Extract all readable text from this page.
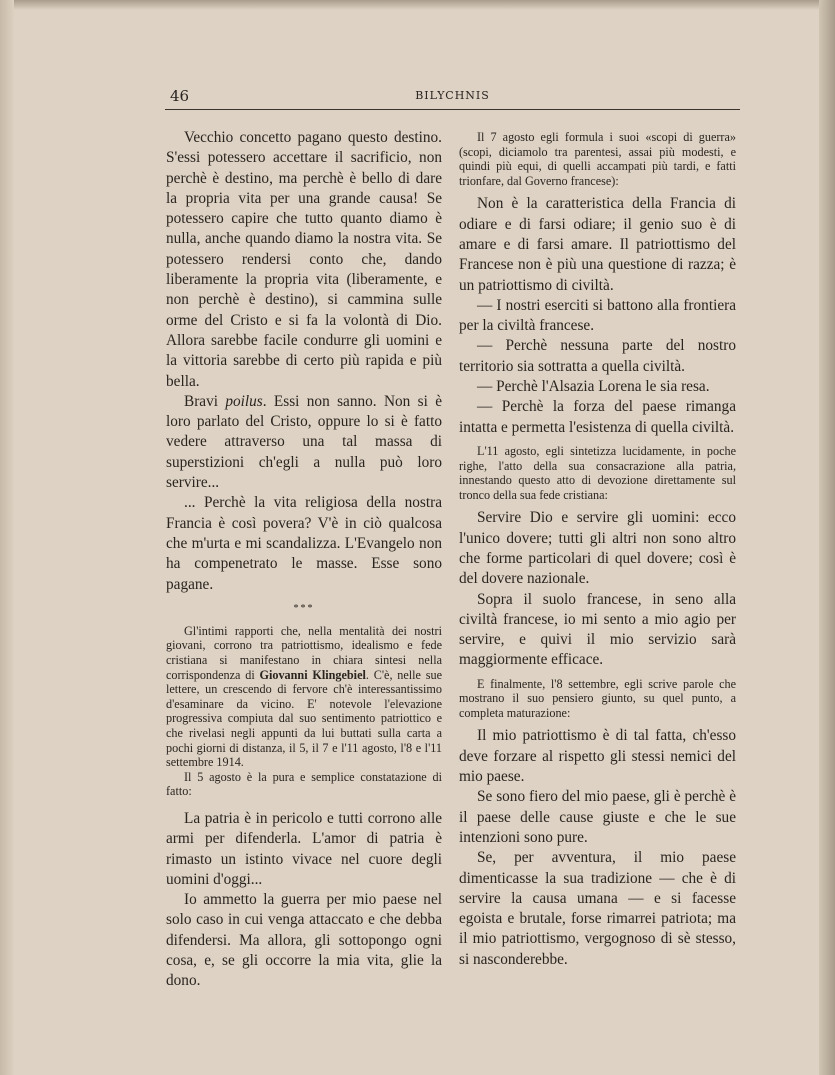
46	BILYCHNIS

Vecchio concetto pagano questo destino. S'essi potessero accettare il sacrificio, non perchè è destino, ma perchè è bello di dare la propria vita per una grande causa! Se potessero capire che tutto quanto diamo è nulla, anche quando diamo la nostra vita. Se potessero rendersi conto che, dando liberamente la propria vita (liberamente, e non perchè è destino), si cammina sulle orme del Cristo e si fa la volontà di Dio. Allora sarebbe facile condurre gli uomini e la vittoria sarebbe di certo più rapida e più bella.

Bravi poilus. Essi non sanno. Non si è loro parlato del Cristo, oppure lo si è fatto vedere attraverso una tal massa di superstizioni ch'egli a nulla può loro servire...

... Perchè la vita religiosa della nostra Francia è così povera? V'è in ciò qualcosa che m'urta e mi scandalizza. L'Evangelo non ha compenetrato le masse. Esse sono pagane.

***

Gl'intimi rapporti che, nella mentalità dei nostri giovani, corrono tra patriottismo, idealismo e fede cristiana si manifestano in chiara sintesi nella corrispondenza di Giovanni Klingebiel. C'è, nelle sue lettere, un crescendo di fervore ch'è interessantissimo d'esaminare da vicino. E' notevole l'elevazione progressiva compiuta dal suo sentimento patriottico e che rivelasi negli appunti da lui buttati sulla carta a pochi giorni di distanza, il 5, il 7 e l'11 agosto, l'8 e l'11 settembre 1914.

Il 5 agosto è la pura e semplice constatazione di fatto:

La patria è in pericolo e tutti corrono alle armi per difenderla. L'amor di patria è rimasto un istinto vivace nel cuore degli uomini d'oggi...

Io ammetto la guerra per mio paese nel solo caso in cui venga attaccato e che debba difendersi. Ma allora, gli sottopongo ogni cosa, e, se gli occorre la mia vita, glie la dono.

Il 7 agosto egli formula i suoi «scopi di guerra» (scopi, diciamolo tra parentesi, assai più modesti, e quindi più equi, di quelli accampati più tardi, e fatti trionfare, dal Governo francese):

Non è la caratteristica della Francia di odiare e di farsi odiare; il genio suo è di amare e di farsi amare. Il patriottismo del Francese non è più una questione di razza; è un patriottismo di civiltà.

— I nostri eserciti si battono alla frontiera per la civiltà francese.

— Perchè nessuna parte del nostro territorio sia sottratta a quella civiltà.

— Perchè l'Alsazia Lorena le sia resa.

— Perchè la forza del paese rimanga intatta e permetta l'esistenza di quella civiltà.

L'11 agosto, egli sintetizza lucidamente, in poche righe, l'atto della sua consacrazione alla patria, innestando questo atto di devozione direttamente sul tronco della sua fede cristiana:

Servire Dio e servire gli uomini: ecco l'unico dovere; tutti gli altri non sono altro che forme particolari di quel dovere; così è del dovere nazionale.

Sopra il suolo francese, in seno alla civiltà francese, io mi sento a mio agio per servire, e quivi il mio servizio sarà maggiormente efficace.

E finalmente, l'8 settembre, egli scrive parole che mostrano il suo pensiero giunto, su quel punto, a completa maturazione:

Il mio patriottismo è di tal fatta, ch'esso deve forzare al rispetto gli stessi nemici del mio paese.

Se sono fiero del mio paese, gli è perchè è il paese delle cause giuste e che le sue intenzioni sono pure.

Se, per avventura, il mio paese dimenticasse la sua tradizione — che è di servire la causa umana — e si facesse egoista e brutale, forse rimarrei patriota; ma il mio patriottismo, vergognoso di sè stesso, si nasconderebbe.
